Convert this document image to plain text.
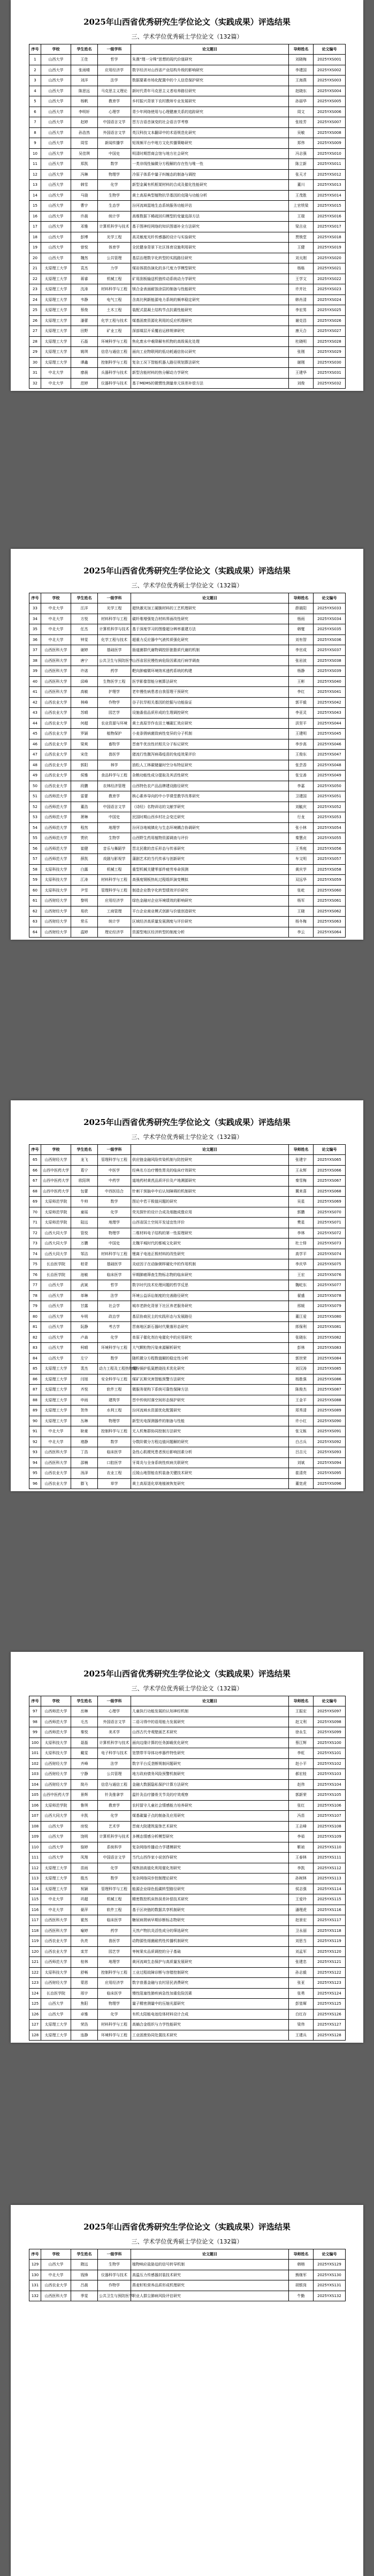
2025年山西省优秀研究生学位论文（实践成果）评选结果
三、学术学位优秀硕士学位论文（132篇）
序号	学校	学生姓名	一级学科	论文题目	导师姓名	论文编号
1	山西大学	王佳	哲学	朱熹“理一分殊”思想的现代价值研究	刘晓梅	2025YXS001
2	山西大学	张雨晴	应用经济学	数字经济对山西省产业结构升级的影响研究	李建国	2025YXS002
3	山西大学	刘洋	法学	数据要素市场化配置中的个人信息保护研究	王海燕	2025YXS003
4	山西大学	陈思远	马克思主义理论	新时代青年马克思主义者培养路径研究	赵晓东	2025YXS004
5	山西大学	杨帆	教育学	乡村振兴背景下农村教师专业发展研究	孙丽华	2025YXS005
6	山西大学	李明轩	心理学	青少年网络使用与心理健康关系的追踪研究	周文	2025YXS006
7	山西大学	赵婷	中国语言文学	晋方言语音演变的社会语言学考察	张桂芳	2025YXS007
8	山西大学	孙浩然	外国语言文学	英汉科技文本翻译中的术语规范化研究	吴敏	2025YXS008
9	山西大学	周雪	新闻传播学	短视频平台中地方文化传播策略研究	郑伟	2025YXS009
10	山西大学	吴佳琪	中国史	明清时期晋商会馆与地方社会研究	冯志强	2025YXS010
11	山西大学	郑凯	数学	一类非线性偏微分方程解的存在性与唯一性	陈立新	2025YXS011
12	山西大学	冯琳	物理学	冷原子体系中量子纠缠态的制备与调控	张天才	2025YXS012
13	山西大学	韩雪	化学	新型金属有机框架材料的合成及催化性能研究	董川	2025YXS013
14	山西大学	马骁	生物学	黄土高原典型植物抗旱基因的克隆与功能分析	王茂胜	2025YXS014
15	山西大学	曹宇	生态学	汾河流域湿地生态系统服务功能评估	上官铁梁	2025YXS015
16	山西大学	许晨	统计学	高维数据下稀疏回归模型的变量选择方法	王瑞	2025YXS016
17	山西大学	邓雅	计算机科学与技术	基于图神经网络的知识图谱补全方法研究	梁吉业	2025YXS017
18	山西大学	彭博	光学工程	高灵敏度光纤传感器的设计与实验研究	贾锁堂	2025YXS018
19	山西大学	曾悦	体育学	全民健身背景下社区体育设施利用研究	王健	2025YXS019
20	山西大学	魏然	公共管理	基层治理数字化转型的实践路径研究	刘太刚	2025YXS020
21	太原理工大学	袁杰	力学	煤岩体损伤演化的多尺度力学模型研究	杨栋	2025YXS021
22	太原理工大学	蒋睿	机械工程	矿用刮板输送机链传动系统动力学研究	王学文	2025YXS022
23	太原理工大学	沈涛	材料科学与工程	镁合金表面耐蚀涂层的制备与性能研究	许并社	2025YXS023
24	太原理工大学	韦静	电气工程	含高比例新能源电力系统的频率稳定研究	韩肖清	2025YXS024
25	太原理工大学	蔡俊	土木工程	装配式混凝土结构节点抗震性能研究	李宏男	2025YXS025
26	太原理工大学	潘蕾	化学工程与技术	煤基固废资源化利用的反应机理研究	谢克昌	2025YXS026
27	太原理工大学	田野	矿业工程	深部煤层开采覆岩运移规律研究	康天合	2025YXS027
28	太原理工大学	石磊	环境科学与工程	焦化废水中难降解有机物的高级氧化处理	杜晓明	2025YXS028
29	太原理工大学	姚琪	信息与通信工程	面向工业物联网的低功耗通信协议研究	张刚	2025YXS029
30	太原理工大学	谭鑫	控制科学与工程	复杂工况下智能机器人路径规划算法研究	谢刚	2025YXS030
31	中北大学	廖晨	兵器科学与技术	新型含能材料的热分解动力学研究	王建华	2025YXS031
32	中北大学	范婷	仪器科学与技术	基于MEMS的微惯性测量单元误差补偿方法	刘俊	2025YXS032
2025年山西省优秀研究生学位论文（实践成果）评选结果
三、学术学位优秀硕士学位论文（132篇）
序号	学校	学生姓名	一级学科	论文题目	导师姓名	论文编号
33	中北大学	汪洋	光学工程	超快激光加工硬脆材料的工艺机理研究	薛晨阳	2025YXS033
34	中北大学	方悦	材料科学与工程	碳纤维增强复合材料界面改性研究	杨雨	2025YXS034
35	中北大学	任杰	计算机科学与技术	基于深度学习的图像超分辨率重建方法	韩燮	2025YXS035
36	中北大学	钟雯	化学工程与技术	超重力反应器中气液传质强化研究	刘有智	2025YXS036
37	山西医科大学	谢婷	基础医学	肠道菌群代谢物调控肝脏脂质代谢的机制	李官成	2025YXS037
38	山西医科大学	唐宁	公共卫生与预防医学	山西省居民慢性病危险因素流行病学调查	张岩波	2025YXS038
39	山西医科大学	许诺	药学	靶向肿瘤微环境纳米递药系统的构建	杨静	2025YXS039
40	山西医科大学	邱峰	生物医学工程	医学影像智能分割算法研究	王彬	2025YXS040
41	山西医科大学	高敏	护理学	老年慢性病患者自我管理干预研究	李红	2025YXS041
42	山西农业大学	林峰	作物学	谷子抗旱相关基因的挖掘与功能验证	郭平毅	2025YXS042
43	山西农业大学	苏晴	园艺学	设施番茄品质形成的生理调控研究	李亚灵	2025YXS043
44	山西农业大学	何超	农业资源与环境	黄土高原旱作农田土壤碳汇效应研究	洪坚平	2025YXS044
45	山西农业大学	罗颖	植物保护	小麦条锈病菌致病性变异的分子机制	王建明	2025YXS045
46	山西农业大学	梁爽	畜牧学	晋南牛优良性状相关分子标记研究	李步高	2025YXS046
47	山西农业大学	宋佳	兽医学	猪流行性腹泻病毒疫苗的免疫效果评价	王俊东	2025YXS047
48	山西农业大学	郭阳	林学	油松人工林碳储量时空分布特征研究	张芸香	2025YXS048
49	山西农业大学	侯雅	食品科学与工程	杂粮功能性成分提取及其活性研究	张宝善	2025YXS049
50	山西农业大学	段鹏	农林经济管理	山西特色农产品品牌建设路径研究	李嘉	2025YXS050
51	山西师范大学	雷蕾	教育学	核心素养导向的中小学课堂教学改革研究	卫建国	2025YXS051
52	山西师范大学	董浩	中国语言文学	《诗经》名物训诂的文献学研究	刘毓庆	2025YXS052
53	山西师范大学	萧琳	中国史	民国时期山西乡村社会变迁研究	行龙	2025YXS053
54	山西师范大学	程然	地理学	汾河谷地城镇化与生态环境耦合协调研究	张小林	2025YXS054
55	山西师范大学	贾欣	生物学	山西野生药用植物资源调查与评价	秦慧贞	2025YXS055
56	山西师范大学	崔健	音乐与舞蹈学	晋北民歌的音乐形态与传承研究	王秀庭	2025YXS056
57	山西师范大学	薛凯	戏剧与影视学	蒲剧艺术的当代传承与创新研究	车文明	2025YXS057
58	太原科技大学	白露	机械工程	重型机械关键零部件疲劳寿命预测	黄庆学	2025YXS058
59	太原科技大学	江涛	材料科学与工程	高强度钢板热轧过程组织演变模拟	双远华	2025YXS059
60	太原科技大学	尹雪	管理科学与工程	制造企业数字化转型绩效评价研究	张屹	2025YXS060
61	山西财经大学	黎明	应用经济学	绿色金融对企业环境绩效的影响研究	杨军	2025YXS061
62	山西财经大学	易欣	工商管理	平台企业商业模式创新与价值创造研究	王晓	2025YXS062
63	山西财经大学	常乐	统计学	区域经济高质量发展测度与评价研究	杨冬梅	2025YXS063
64	山西财经大学	温婷	理论经济学	资源型地区经济转型的制度分析	李云	2025YXS064
2025年山西省优秀研究生学位论文（实践成果）评选结果
三、学术学位优秀硕士学位论文（132篇）
序号	学校	学生姓名	一级学科	论文题目	导师姓名	论文编号
65	山西财经大学	龙飞	管理科学与工程	供应链金融风险传染机制与防控研究	张建宇	2025YXS065
66	山西中医药大学	葛宁	中医学	经典名方治疗慢性胃炎的临床疗效研究	王永辉	2025YXS066
67	山西中医药大学	欧阳琪	中药学	道地药材黄芪品质评价及产地溯源研究	秦雪梅	2025YXS067
68	山西中医药大学	包蕾	中西医结合	针刺干预脑卒中后认知障碍的机制研究	冀来喜	2025YXS068
69	太原师范学院	牛帅	数学	图论中若干极值问题的研究	吴星	2025YXS069
70	太原师范学院	童瑶	化学	荧光探针的设计合成及细胞成像应用	郭鹏	2025YXS070
71	太原师范学院	陆远	地理学	山西省国土空间开发适宜性评价	樊星	2025YXS071
72	山西大同大学	管悦	物理学	二维材料电子结构的第一性原理研究	李林	2025YXS072
73	山西大同大学	万鹏	中国史	北魏平城时代的都城文化研究	杜士铎	2025YXS073
74	山西大同大学	邹洁	材料科学与工程	锂离子电池正极材料的改性研究	高学平	2025YXS074
75	长治医学院	柏青	基础医学	炎症因子在动脉粥样硬化中的作用机制	李庆华	2025YXS075
76	长治医学院	池敏	临床医学	早期肺癌筛查生物标志物的临床研究	王宏	2025YXS076
77	山西大学	武斌	哲学	数字时代技术伦理问题的哲学反思	魏屹东	2025YXS077
78	山西大学	单琳	法学	环境公益诉讼制度的完善路径研究	翟盛	2025YXS078
79	山西大学	甘露	社会学	城市老龄化背景下社区养老服务研究	邢媛	2025YXS079
80	山西大学	车明	政治学	基层协商民主的实践形态与发展路径	董江爱	2025YXS080
81	山西大学	阮静	考古学	晋南地区新石器时代聚落形态研究	郎保利	2025YXS081
82	山西大学	卢森	化学	单原子催化剂在电催化中的应用研究	张晓东	2025YXS082
83	山西大学	柯晴	环境科学与工程	大气颗粒物污染来源解析研究	彭林	2025YXS083
84	山西大学	左宁	数学	随机微分方程数值解的稳定性分析	郭世荣	2025YXS084
85	太原理工大学	裴杰	动力工程及工程热物理	煤粉锅炉低氮燃烧技术优化研究	刘汉涛	2025YXS085
86	太原理工大学	闫旭	安全科学与工程	煤矿瓦斯灾害智能预警方法研究	杨胜强	2025YXS086
87	太原理工大学	齐悦	软件工程	微服务架构下系统可靠性保障方法	陈俊杰	2025YXS087
88	太原理工大学	申雨	建筑学	晋中传统村落空间形态保护研究	王金平	2025YXS088
89	太原理工大学	贺伟	水利工程	汾河流域水资源优化配置研究	郑秀清	2025YXS089
90	太原理工大学	丛琳	物理学	新型光电探测器件的制备与性能	许小红	2025YXS090
91	中北大学	耿豪	控制科学与工程	无人机集群协同控制方法研究	张文栋	2025YXS091
92	中北大学	褚静	数学	分数阶微分方程边值问题解的研究	白占兵	2025YXS092
93	山西医科大学	丁浩	临床医学	急性心肌梗死患者预后影响因素分析	吕吉元	2025YXS093
94	山西医科大学	邵楠	口腔医学	牙周炎与全身系统性疾病关联研究	刘斌	2025YXS094
95	山西农业大学	汤泽	农业工程	丘陵山地智能农机装备关键技术研究	崔清亮	2025YXS095
96	山西农业大学	滕飞	草学	黄土高原退化草地植被恢复研究	董宽虎	2025YXS096
2025年山西省优秀研究生学位论文（实践成果）评选结果
三、学术学位优秀硕士学位论文（132篇）
序号	学校	学生姓名	一级学科	论文题目	导师姓名	论文编号
97	山西师范大学	岳琳	心理学	儿童执行功能发展的认知神经机制	王振宏	2025YXS097
98	山西师范大学	毛杰	外国语言文学	二语习得中的语用能力发展研究	赵文利	2025YXS098
99	山西师范大学	秦悦	美术学	山西古代寺观壁画艺术研究	徐永生	2025YXS099
100	太原科技大学	聂磊	计算机科学与技术	面向边缘计算的任务卸载优化研究	蔡江辉	2025YXS100
101	太原科技大学	戴雯	电子科学与技术	宽禁带半导体功率器件特性研究	李虹	2025YXS101
102	山西财经大学	齐峰	法学	数字平台反垄断规制问题研究	赵小平	2025YXS102
103	山西财经大学	宁静	公共管理	地方政府债务风险预警机制研究	郝宏桂	2025YXS103
104	山西财经大学	简丹	信息与通信工程	金融大数据隐私保护计算方法研究	赵伟	2025YXS104
105	山西中医药大学	景辉	针灸推拿学	温针灸治疗膝骨关节炎的疗效观察	郭新荣	2025YXS105
106	太原师范学院	鲁琪	教育学	农村留守儿童社会情感能力培养研究	张红	2025YXS106
107	山西大同大学	丰凯	化学	煤基碳量子点的制备及应用研究	冯苗	2025YXS107
108	山西大学	房悦	艺术学	晋商大院建筑装饰艺术研究	王志峰	2025YXS108
109	山西大学	饶明	计算机科学与技术	多模态情感分析模型研究	李茹	2025YXS109
110	山西大学	骆婷	系统科学	复杂网络传播动力学建模研究	靳祯	2025YXS110
111	山西大学	凤翔	中国语言文学	当代山西作家小说创作研究	王春林	2025YXS111
112	太原理工大学	苗雨	化学	煤焦油高值化利用催化剂研究	李凯	2025YXS112
113	太原理工大学	殷杰	数学	复杂网络同步控制理论研究	孙树林	2025YXS113
114	太原理工大学	祝颖	管理科学与工程	能源企业绿色低碳转型路径研究	侯志强	2025YXS114
115	中北大学	巩超	机械工程	精密数控机床热误差补偿技术研究	王爱玲	2025YXS115
116	中北大学	晏萍	软件工程	基于区块链的数据共享机制研究	潘理虎	2025YXS116
117	山西医科大学	霍然	临床医学	糖尿病肾病早期诊断标志物研究	赵景宏	2025YXS117
118	山西医科大学	喻婷	药学	天然产物抗炎活性成分的筛选研究	卫永丽	2025YXS118
119	山西农业大学	仇亮	兽医学	动物源性细菌耐药性传播机制研究	刘思当	2025YXS119
120	山西农业大学	栾芳	园艺学	枣树果实品质调控的分子基础	刘孟军	2025YXS120
121	山西师范大学	桂林	地理学	黄河流域生态保护与高质量发展研究	张建忠	2025YXS121
122	太原科技大学	舒畅	控制科学与工程	工业过程故障诊断与容错控制研究	孙志毅	2025YXS122
123	山西财经大学	蒙恩	应用经济学	数字普惠金融与农村居民消费研究	张亚	2025YXS123
124	长治医学院	邢宇	临床医学	慢性阻塞性肺疾病急性加重危险因素	张勇	2025YXS124
125	山西大学	焦阳	物理学	量子精密测量中的压缩光源研究	彭堃墀	2025YXS125
126	山西大学	卓雅	化学	有机太阳能电池给体材料设计合成	白红存	2025YXS126
127	太原理工大学	荣浩	材料科学与工程	高熵合金组织与力学性能研究	梁伟	2025YXS127
128	太原理工大学	连静	环境科学与工程	工业固废协同处置技术研究	王建兵	2025YXS128
2025年山西省优秀研究生学位论文（实践成果）评选结果
三、学术学位优秀硕士学位论文（132篇）
序号	学校	学生姓名	一级学科	论文题目	导师姓名	论文编号
129	山西大学	隋远	生物学	植物响应盐胁迫的信号转导机制	韩榕	2025YXS129
130	中北大学	钱锋	仪器科学与技术	高温压力传感器封装技术研究	熊继军	2025YXS130
131	山西农业大学	吕晨	作物学	燕麦籽粒营养品质形成机理研究	胡银岗	2025YXS131
132	山西医科大学	季雯	公共卫生与预防医学	职业人群尘肺病风险评估研究	牛勤	2025YXS132
